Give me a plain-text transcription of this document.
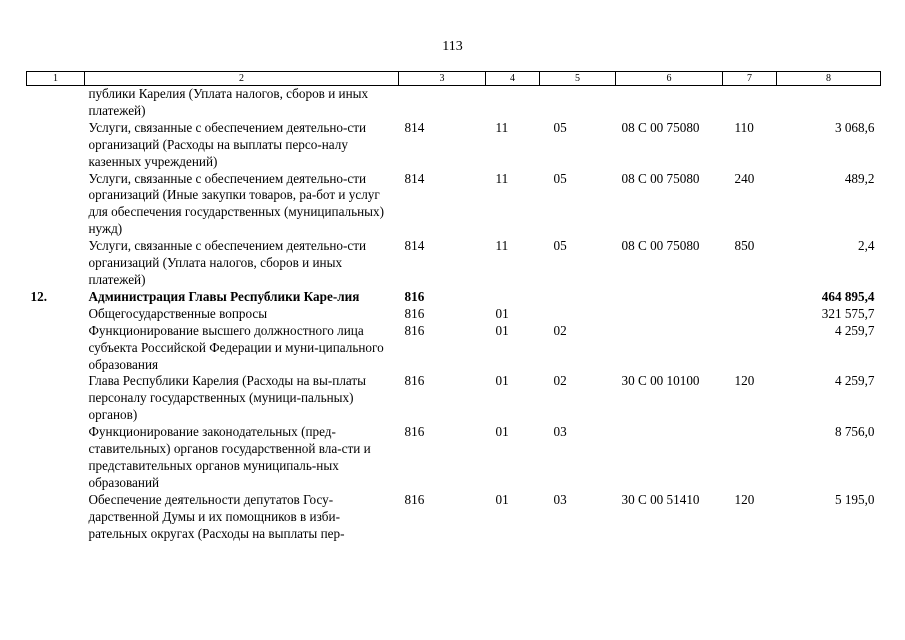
113
1	2	3	4	5	6	7	8
	публики Карелия (Уплата налогов, сборов и иных платежей)						
	Услуги, связанные с обеспечением деятельно-сти организаций (Расходы на выплаты персо-налу казенных учреждений)	814	11	05	08 С 00 75080	110	3 068,6
	Услуги, связанные с обеспечением деятельно-сти организаций (Иные закупки товаров, ра-бот и услуг для обеспечения государственных (муниципальных) нужд)	814	11	05	08 С 00 75080	240	489,2
	Услуги, связанные с обеспечением деятельно-сти организаций (Уплата налогов, сборов и иных платежей)	814	11	05	08 С 00 75080	850	2,4
12.	Администрация Главы Республики Каре-лия	816					464 895,4
	Общегосударственные вопросы	816	01				321 575,7
	Функционирование высшего должностного лица субъекта Российской Федерации и муни-ципального образования	816	01	02			4 259,7
	Глава Республики Карелия (Расходы на вы-платы персоналу государственных (муници-пальных) органов)	816	01	02	30 С 00 10100	120	4 259,7
	Функционирование законодательных (пред-ставительных) органов государственной вла-сти и представительных органов муниципаль-ных образований	816	01	03			8 756,0
	Обеспечение деятельности депутатов Госу-дарственной Думы и их помощников в изби-рательных округах (Расходы на выплаты пер-	816	01	03	30 С 00 51410	120	5 195,0
